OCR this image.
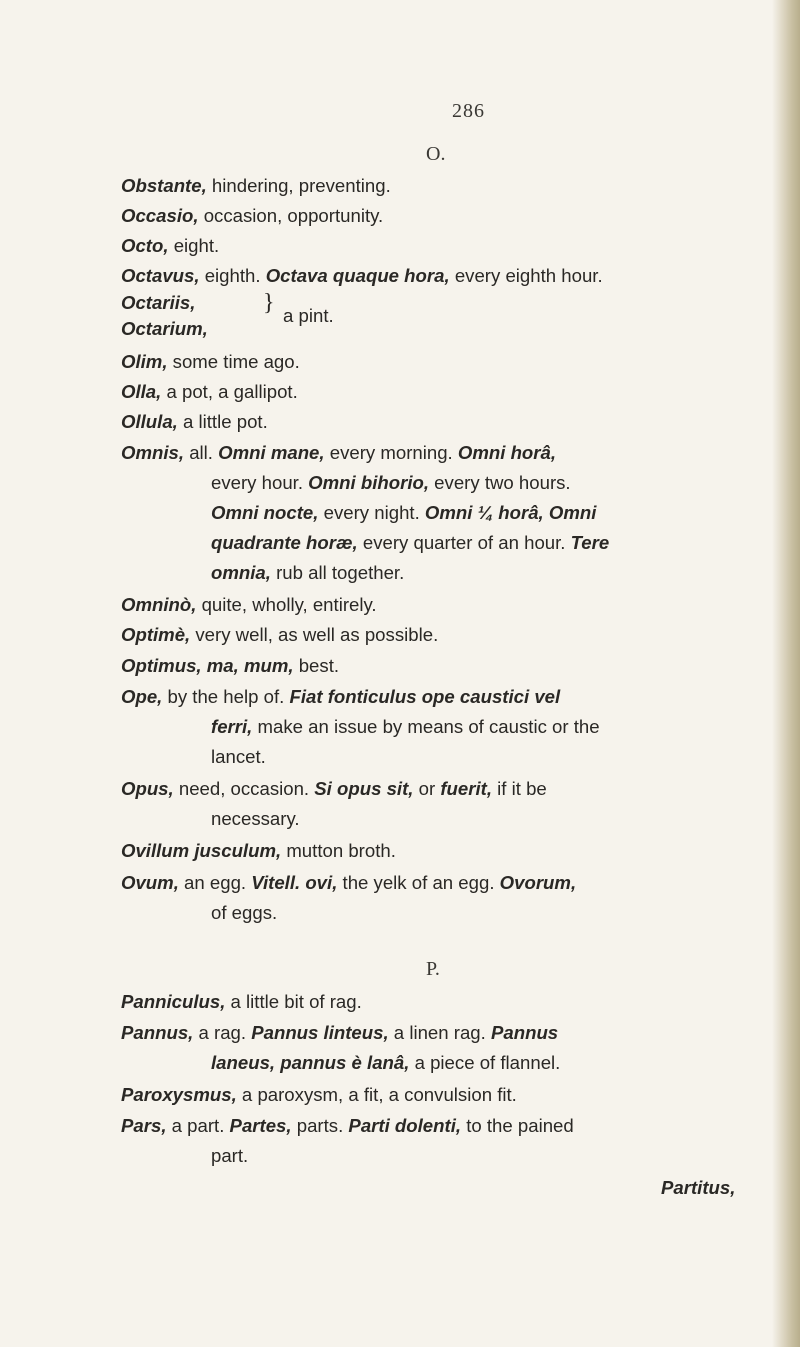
286
O.
Obstante, hindering, preventing.
Occasio, occasion, opportunity.
Octo, eight.
Octavus, eighth. Octava quaque hora, every eighth hour.
Octariis,
Octarium,
} a pint.
Olim, some time ago.
Olla, a pot, a gallipot.
Ollula, a little pot.
Omnis, all. Omni mane, every morning. Omni horâ,
every hour. Omni bihorio, every two hours.
Omni nocte, every night. Omni ¼ horâ, Omni
quadrante horæ, every quarter of an hour. Tere
omnia, rub all together.
Omninò, quite, wholly, entirely.
Optimè, very well, as well as possible.
Optimus, ma, mum, best.
Ope, by the help of. Fiat fonticulus ope caustici vel
ferri, make an issue by means of caustic or the
lancet.
Opus, need, occasion. Si opus sit, or fuerit, if it be
necessary.
Ovillum jusculum, mutton broth.
Ovum, an egg. Vitell. ovi, the yelk of an egg. Ovorum,
of eggs.
P.
Panniculus, a little bit of rag.
Pannus, a rag. Pannus linteus, a linen rag. Pannus
laneus, pannus è lanâ, a piece of flannel.
Paroxysmus, a paroxysm, a fit, a convulsion fit.
Pars, a part. Partes, parts. Parti dolenti, to the pained
part.
Partitus,
